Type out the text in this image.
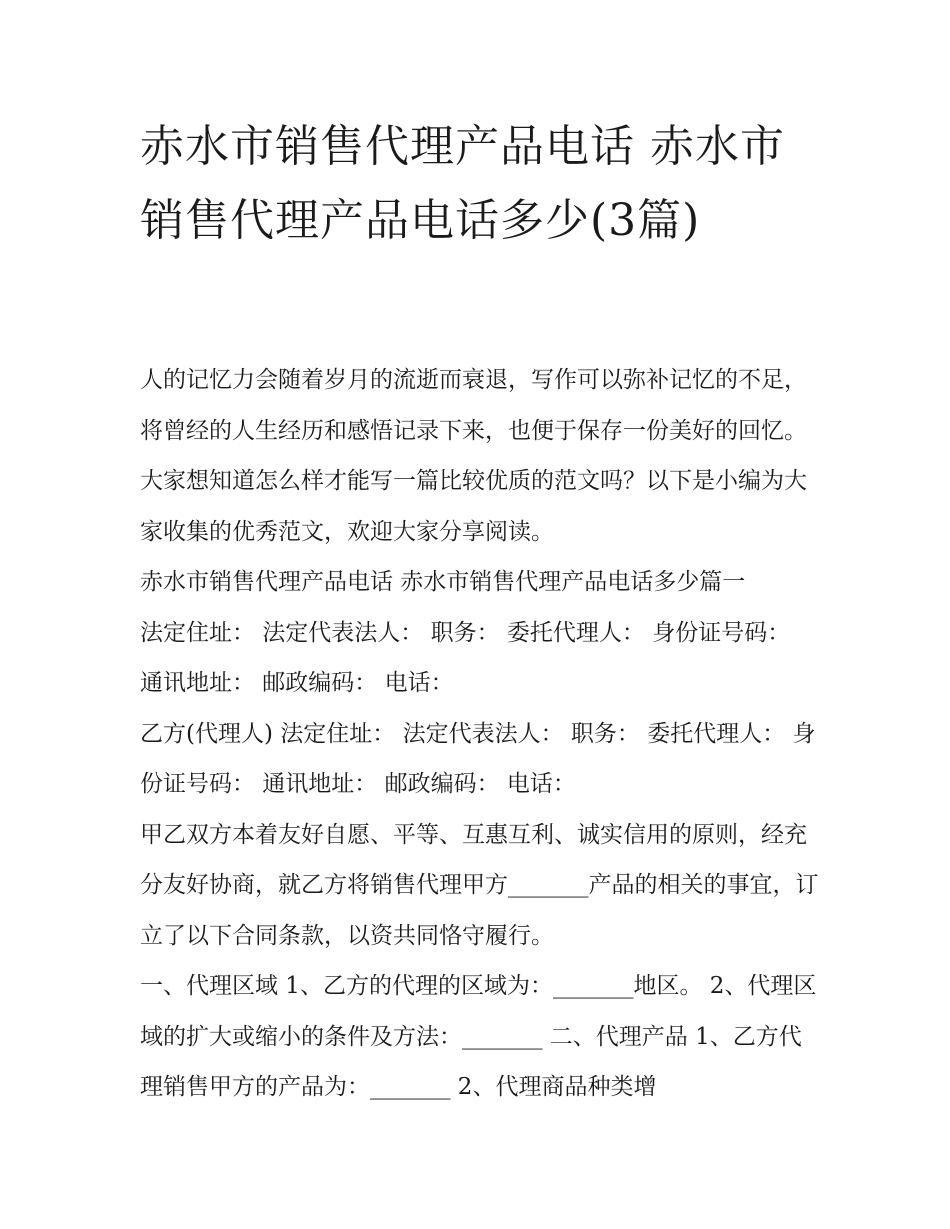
赤水市销售代理产品电话 赤水市销售代理产品电话多少(3篇)

人的记忆力会随着岁月的流逝而衰退，写作可以弥补记忆的不足，将曾经的人生经历和感悟记录下来，也便于保存一份美好的回忆。大家想知道怎么样才能写一篇比较优质的范文吗？以下是小编为大家收集的优秀范文，欢迎大家分享阅读。

赤水市销售代理产品电话 赤水市销售代理产品电话多少篇一

法定住址： 法定代表法人： 职务： 委托代理人： 身份证号码： 通讯地址： 邮政编码： 电话：

乙方(代理人) 法定住址： 法定代表法人： 职务： 委托代理人： 身份证号码： 通讯地址： 邮政编码： 电话：

甲乙双方本着友好自愿、平等、互惠互利、诚实信用的原则，经充分友好协商，就乙方将销售代理甲方_______产品的相关的事宜，订立了以下合同条款，以资共同恪守履行。

一、代理区域 1、乙方的代理的区域为：_______地区。 2、代理区域的扩大或缩小的条件及方法：_______ 二、代理产品 1、乙方代理销售甲方的产品为：_______ 2、代理商品种类增
